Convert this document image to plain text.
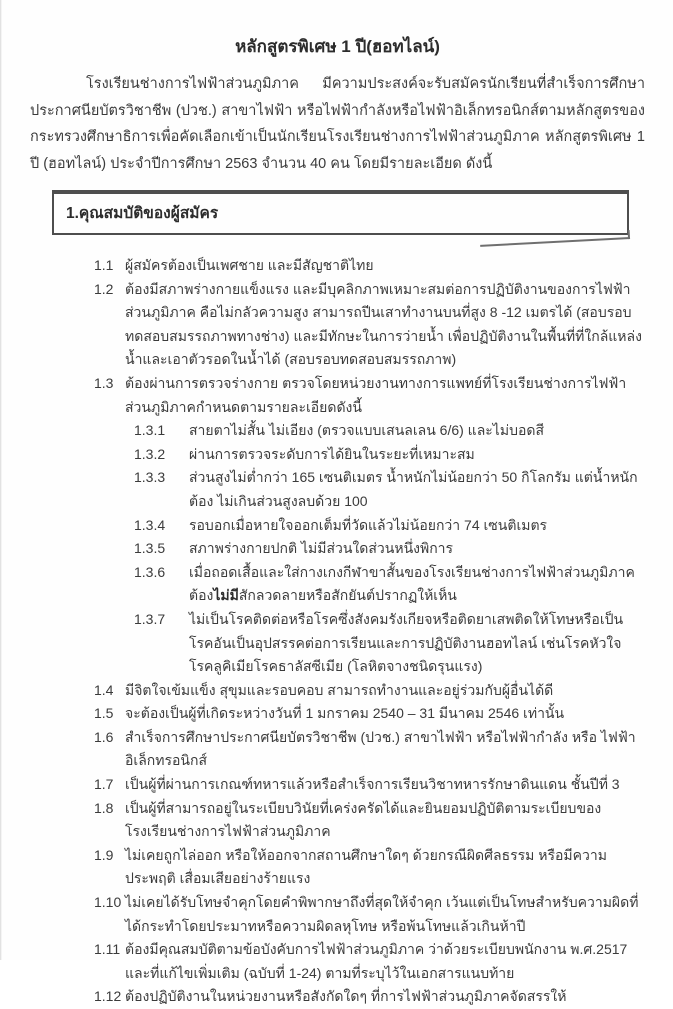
หลักสูตรพิเศษ 1 ปี(ฮอทไลน์)

โรงเรียนช่างการไฟฟ้าส่วนภูมิภาค มีความประสงค์จะรับสมัครนักเรียนที่สำเร็จการศึกษาประกาศนียบัตรวิชาชีพ (ปวช.) สาขาไฟฟ้า หรือไฟฟ้ากำลังหรือไฟฟ้าอิเล็กทรอนิกส์ตามหลักสูตรของกระทรวงศึกษาธิการเพื่อคัดเลือกเข้าเป็นนักเรียนโรงเรียนช่างการไฟฟ้าส่วนภูมิภาค หลักสูตรพิเศษ 1 ปี (ฮอทไลน์) ประจำปีการศึกษา 2563 จำนวน 40 คน โดยมีรายละเอียด ดังนี้

1.คุณสมบัติของผู้สมัคร
1.1 ผู้สมัครต้องเป็นเพศชาย และมีสัญชาติไทย
1.2 ต้องมีสภาพร่างกายแข็งแรง และมีบุคลิกภาพเหมาะสมต่อการปฏิบัติงานของการไฟฟ้าส่วนภูมิภาค คือไม่กลัวความสูง สามารถปีนเสาทำงานบนที่สูง 8 -12 เมตรได้ (สอบรอบทดสอบสมรรถภาพทางช่าง) และมีทักษะในการว่ายน้ำ เพื่อปฏิบัติงานในพื้นที่ที่ใกล้แหล่งน้ำและเอาตัวรอดในน้ำได้ (สอบรอบทดสอบสมรรถภาพ)
1.3 ต้องผ่านการตรวจร่างกาย ตรวจโดยหน่วยงานทางการแพทย์ที่โรงเรียนช่างการไฟฟ้าส่วนภูมิภาคกำหนดตามรายละเอียดดังนี้
1.3.1	สายตาไม่สั้น ไม่เอียง (ตรวจแบบเสนลเลน 6/6) และไม่บอดสี
1.3.2	ผ่านการตรวจระดับการได้ยินในระยะที่เหมาะสม
1.3.3	ส่วนสูงไม่ต่ำกว่า 165 เซนติเมตร น้ำหนักไม่น้อยกว่า 50 กิโลกรัม แต่น้ำหนักต้อง ไม่เกินส่วนสูงลบด้วย 100
1.3.4	รอบอกเมื่อหายใจออกเต็มที่วัดแล้วไม่น้อยกว่า 74 เซนติเมตร
1.3.5	สภาพร่างกายปกติ ไม่มีส่วนใดส่วนหนึ่งพิการ
1.3.6	เมื่อถอดเสื้อและใส่กางเกงกีฬาขาสั้นของโรงเรียนช่างการไฟฟ้าส่วนภูมิภาคต้องไม่มีสักลวดลายหรือสักยันต์ปรากฏให้เห็น
1.3.7	ไม่เป็นโรคติดต่อหรือโรคซึ่งสังคมรังเกียจหรือติดยาเสพติดให้โทษหรือเป็นโรคอันเป็นอุปสรรคต่อการเรียนและการปฏิบัติงานฮอทไลน์ เช่นโรคหัวใจ โรคลูคิเมียโรคธาลัสซีเมีย (โลหิตจางชนิดรุนแรง)
1.4 มีจิตใจเข้มแข็ง สุขุมและรอบคอบ สามารถทำงานและอยู่ร่วมกับผู้อื่นได้ดี
1.5 จะต้องเป็นผู้ที่เกิดระหว่างวันที่ 1 มกราคม 2540 – 31 มีนาคม 2546 เท่านั้น
1.6 สำเร็จการศึกษาประกาศนียบัตรวิชาชีพ (ปวช.) สาขาไฟฟ้า หรือไฟฟ้ากำลัง หรือ ไฟฟ้าอิเล็กทรอนิกส์
1.7 เป็นผู้ที่ผ่านการเกณฑ์ทหารแล้วหรือสำเร็จการเรียนวิชาทหารรักษาดินแดน ชั้นปีที่ 3
1.8 เป็นผู้ที่สามารถอยู่ในระเบียบวินัยที่เคร่งครัดได้และยินยอมปฏิบัติตามระเบียบของโรงเรียนช่างการไฟฟ้าส่วนภูมิภาค
1.9 ไม่เคยถูกไล่ออก หรือให้ออกจากสถานศึกษาใดๆ ด้วยกรณีผิดศีลธรรม หรือมีความประพฤติ เสื่อมเสียอย่างร้ายแรง
1.10 ไม่เคยได้รับโทษจำคุกโดยคำพิพากษาถึงที่สุดให้จำคุก เว้นแต่เป็นโทษสำหรับความผิดที่ได้กระทำโดยประมาทหรือความผิดลหุโทษ หรือพ้นโทษแล้วเกินห้าปี
1.11 ต้องมีคุณสมบัติตามข้อบังคับการไฟฟ้าส่วนภูมิภาค ว่าด้วยระเบียบพนักงาน พ.ศ.2517 และที่แก้ไขเพิ่มเติม (ฉบับที่ 1-24) ตามที่ระบุไว้ในเอกสารแนบท้าย
1.12 ต้องปฏิบัติงานในหน่วยงานหรือสังกัดใดๆ ที่การไฟฟ้าส่วนภูมิภาคจัดสรรให้
